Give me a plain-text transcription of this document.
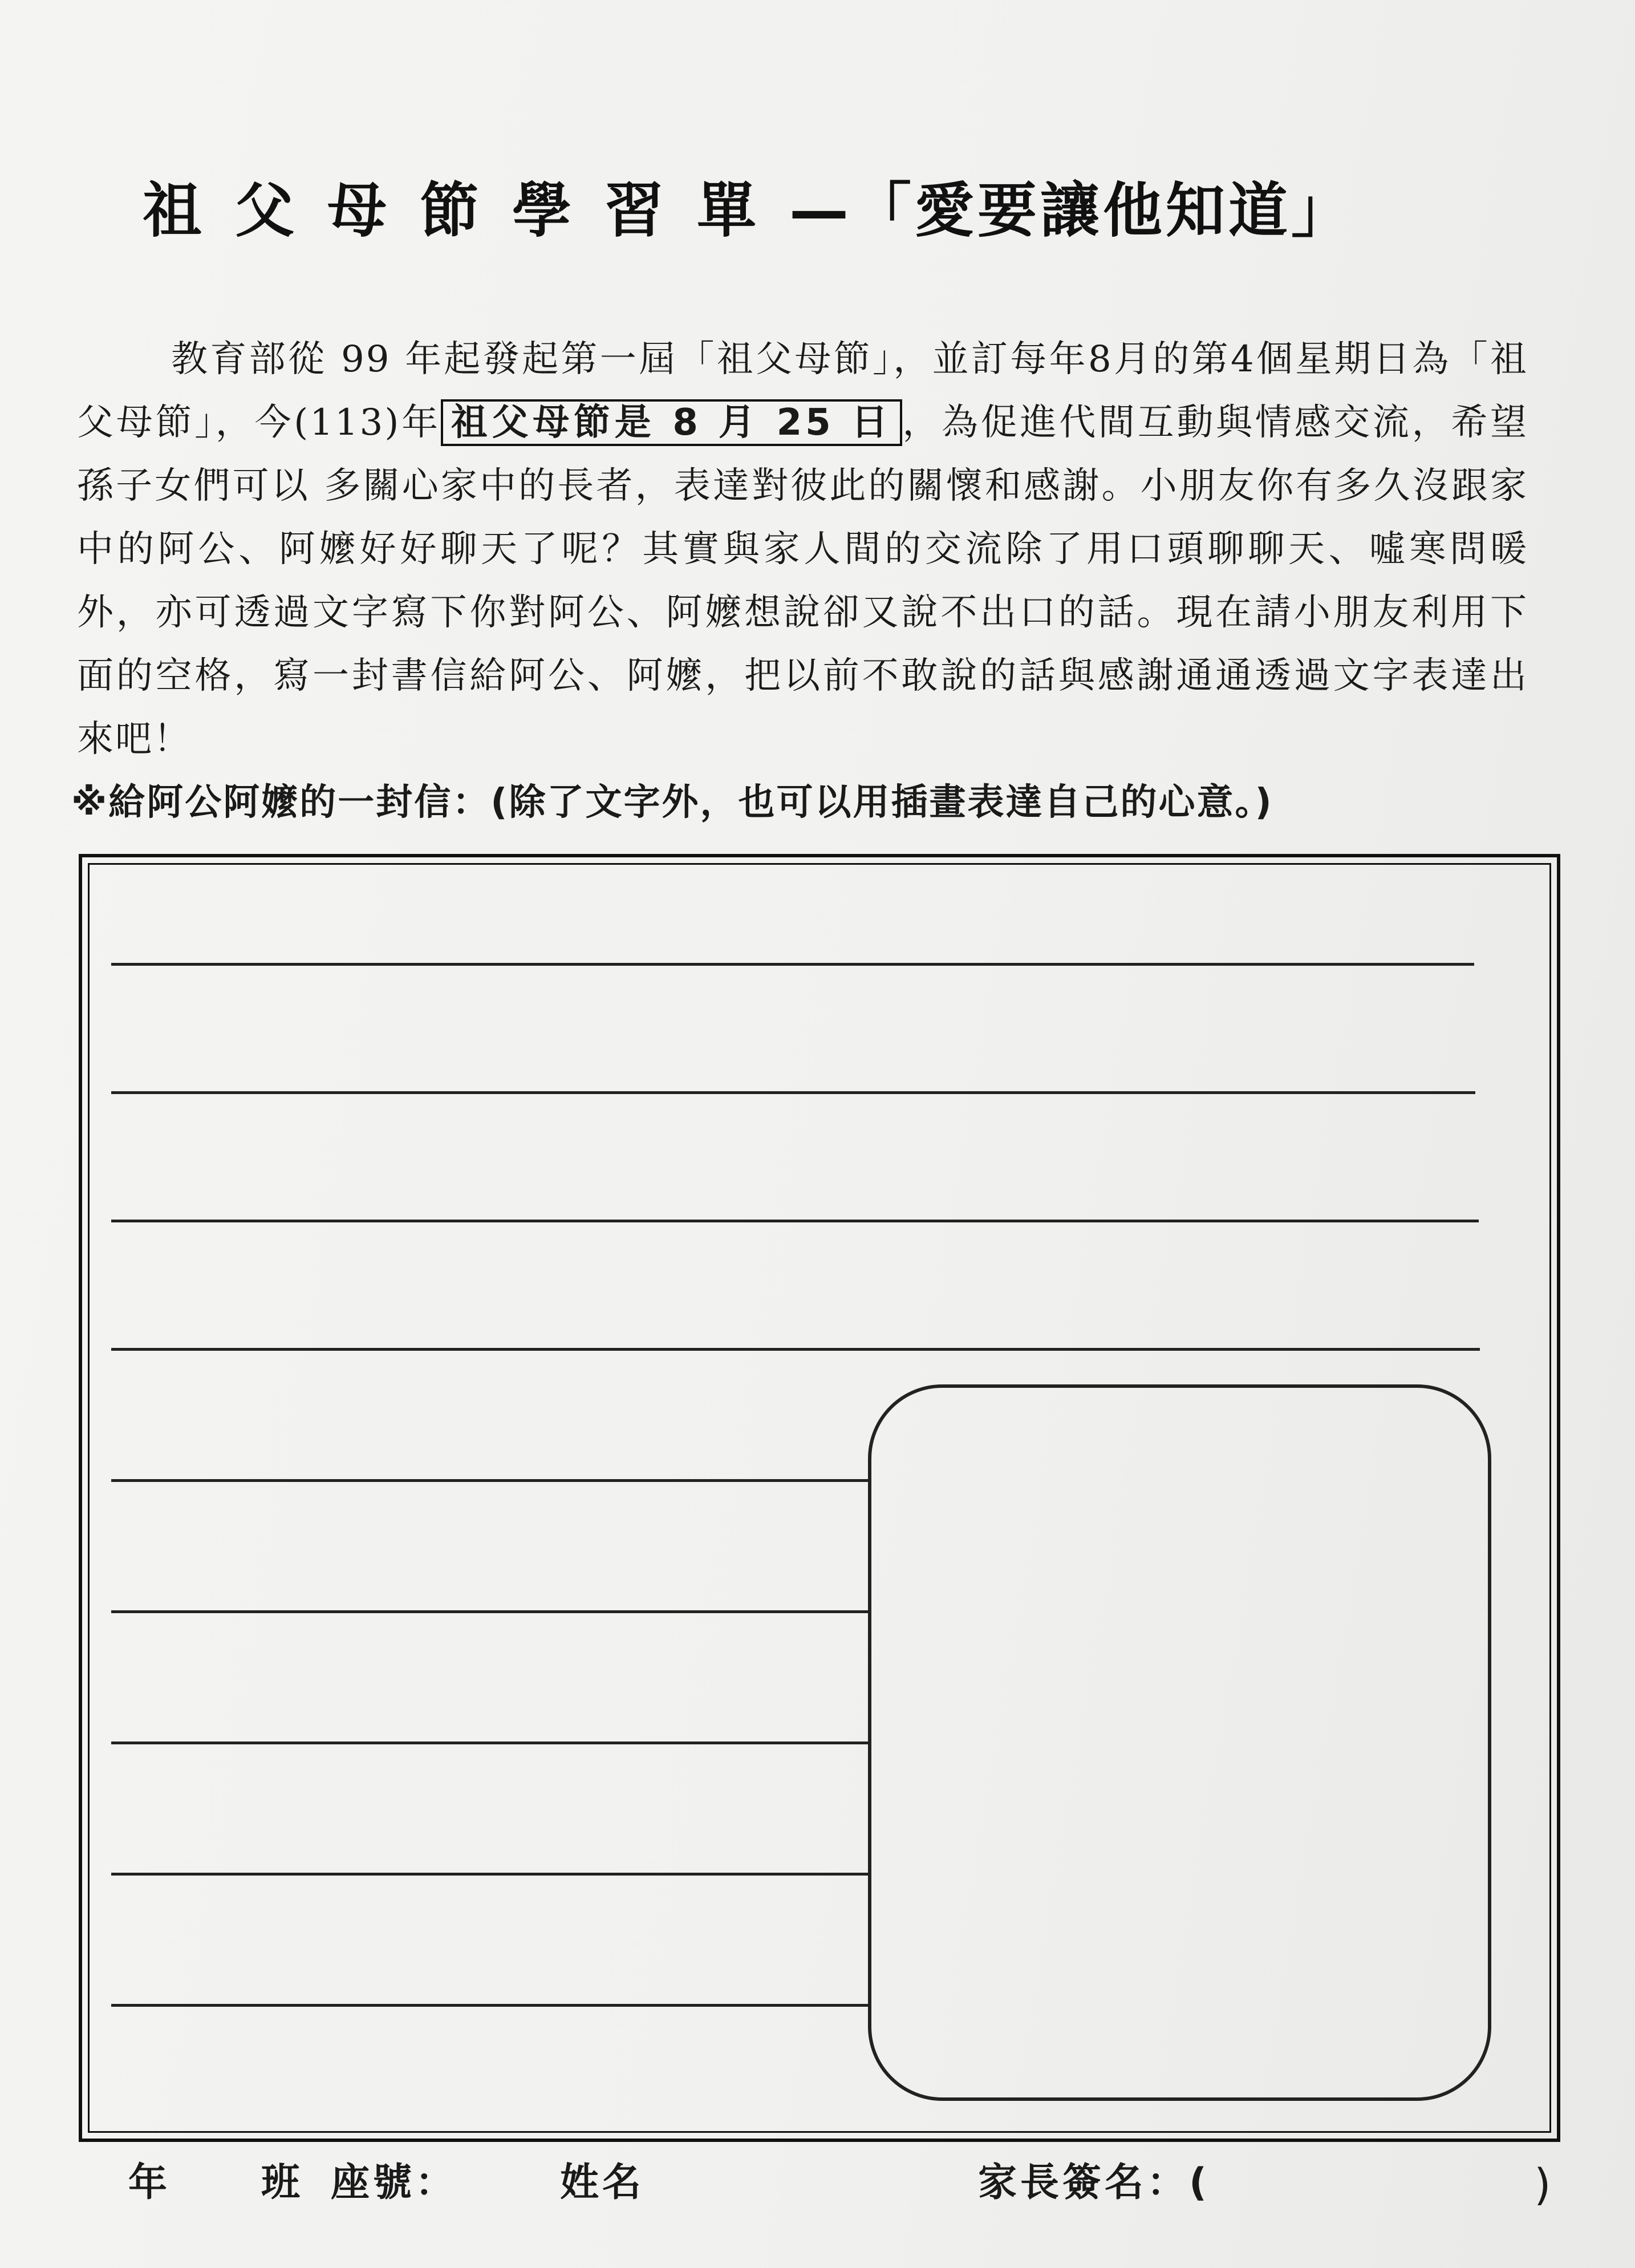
祖父母節學習單—「愛要讓他知道」

教育部從 99 年起發起第一屆「祖父母節」，並訂每年8月的第4個星期日為「祖父母節」，今(113)年 祖父母節是 8 月 25 日 ，為促進代間互動與情感交流，希望孫子女們可以 多關心家中的長者，表達對彼此的關懷和感謝。小朋友你有多久沒跟家中的阿公、阿嬤好好聊天了呢？其實與家人間的交流除了用口頭聊聊天、噓寒問暖外，亦可透過文字寫下你對阿公、阿嬤想說卻又說不出口的話。現在請小朋友利用下面的空格，寫一封書信給阿公、阿嬤，把以前不敢說的話與感謝通通透過文字表達出來吧！

※給阿公阿嬤的一封信：(除了文字外，也可以用插畫表達自己的心意。)
年 班 座號：	姓名	家長簽名：(	)
